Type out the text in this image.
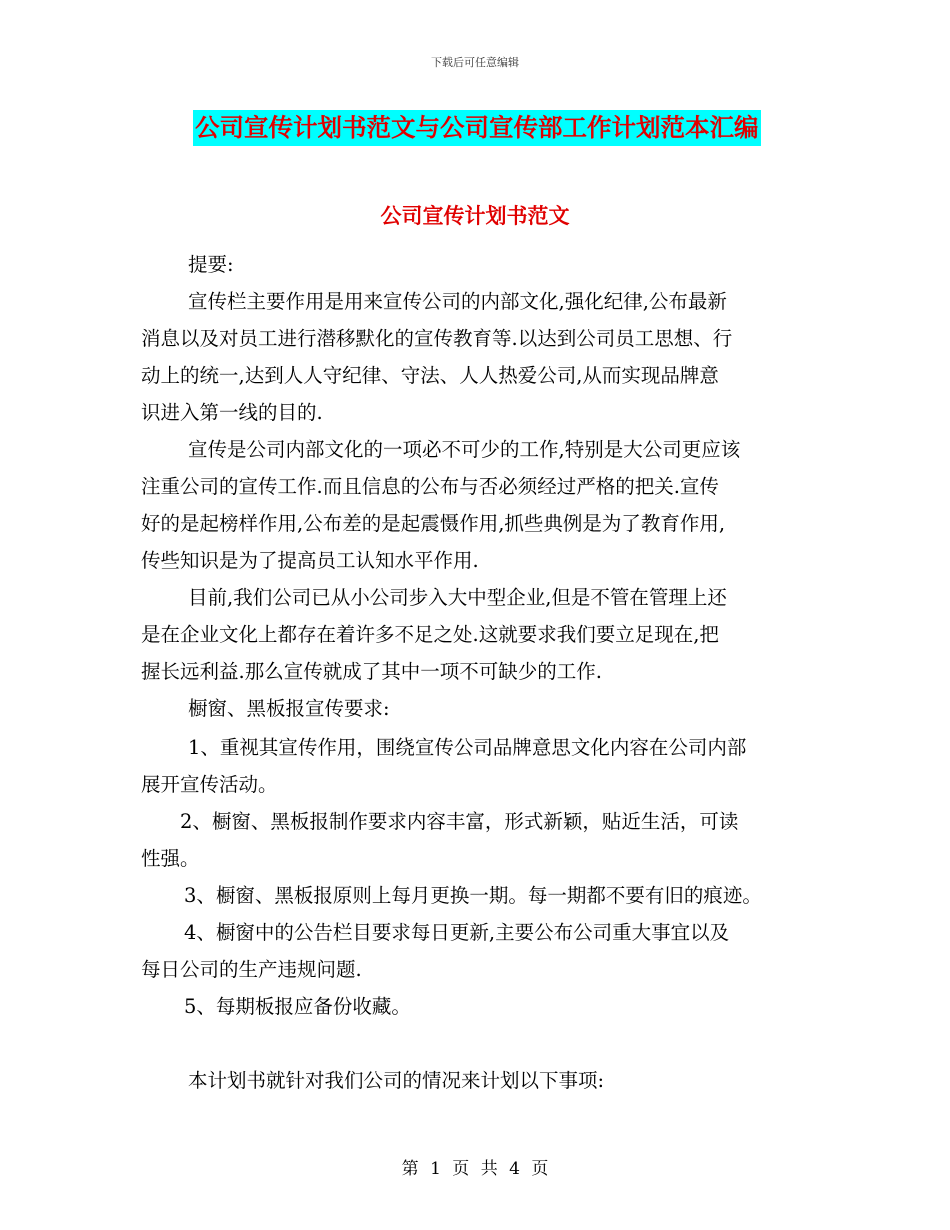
下载后可任意编辑
公司宣传计划书范文与公司宣传部工作计划范本汇编
公司宣传计划书范文
提要:
宣传栏主要作用是用来宣传公司的内部文化,强化纪律,公布最新
消息以及对员工进行潜移默化的宣传教育等.以达到公司员工思想、行
动上的统一,达到人人守纪律、守法、人人热爱公司,从而实现品牌意
识进入第一线的目的.
宣传是公司内部文化的一项必不可少的工作,特别是大公司更应该
注重公司的宣传工作.而且信息的公布与否必须经过严格的把关.宣传
好的是起榜样作用,公布差的是起震慑作用,抓些典例是为了教育作用,
传些知识是为了提高员工认知水平作用.
目前,我们公司已从小公司步入大中型企业,但是不管在管理上还
是在企业文化上都存在着许多不足之处.这就要求我们要立足现在,把
握长远利益.那么宣传就成了其中一项不可缺少的工作.
橱窗、黑板报宣传要求:
1、重视其宣传作用，围绕宣传公司品牌意思文化内容在公司内部
展开宣传活动。
2、橱窗、黑板报制作要求内容丰富，形式新颖，贴近生活，可读
性强。
3、橱窗、黑板报原则上每月更换一期。每一期都不要有旧的痕迹。
4、橱窗中的公告栏目要求每日更新,主要公布公司重大事宜以及
每日公司的生产违规问题.
5、每期板报应备份收藏。
本计划书就针对我们公司的情况来计划以下事项:
第 1 页 共 4 页
